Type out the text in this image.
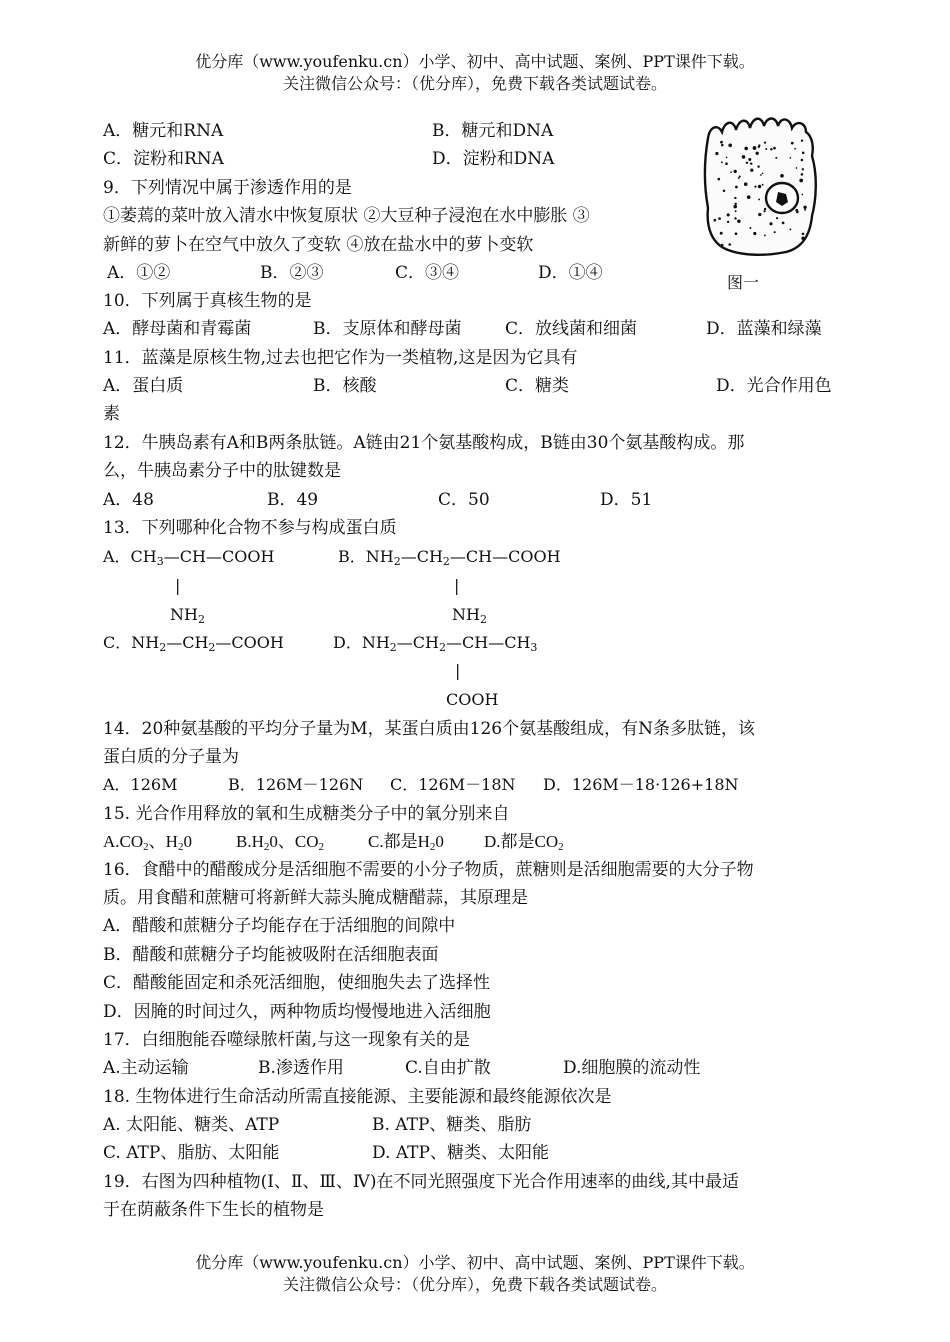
优分库（www.youfenku.cn）小学、初中、高中试题、案例、PPT课件下载。
关注微信公众号：（优分库），免费下载各类试题试卷。
A．糖元和RNA	B．糖元和DNA
C．淀粉和RNA	D．淀粉和DNA
图一
9．下列情况中属于渗透作用的是
①萎蔫的菜叶放入清水中恢复原状 ②大豆种子浸泡在水中膨胀 ③
新鲜的萝卜在空气中放久了变软 ④放在盐水中的萝卜变软
A．①②	B．②③	C．③④	D．①④
10．下列属于真核生物的是
A．酵母菌和青霉菌	B．支原体和酵母菌	C．放线菌和细菌	D．蓝藻和绿藻
11．蓝藻是原核生物,过去也把它作为一类植物,这是因为它具有
A．蛋白质	B．核酸	C．糖类	D．光合作用色
素
12．牛胰岛素有A和B两条肽链。A链由21个氨基酸构成，B链由30个氨基酸构成。那
么，牛胰岛素分子中的肽键数是
A．48	B．49	C．50	D．51
13．下列哪种化合物不参与构成蛋白质
A．$CH_3—CH—COOH$	B．$NH_2—CH_2—CH—COOH$
|	|
$NH_2$	$NH_2$
C．$NH_2—CH_2—COOH$	D．$NH_2—CH_2—CH—CH_3$
|
COOH
14．20种氨基酸的平均分子量为M，某蛋白质由126个氨基酸组成，有N条多肽链，该
蛋白质的分子量为
A．126M	B．126M－126N C．126M－18N D．126M－18·126+18N
15. 光合作用释放的氧和生成糖类分子中的氧分别来自
$A.CO_2$、$H_20$	$B.H_20$、$CO_2$	C.都是$H_20$ D.都是$CO_2$
16．食醋中的醋酸成分是活细胞不需要的小分子物质，蔗糖则是活细胞需要的大分子物
质。用食醋和蔗糖可将新鲜大蒜头腌成糖醋蒜，其原理是
A．醋酸和蔗糖分子均能存在于活细胞的间隙中
B．醋酸和蔗糖分子均能被吸附在活细胞表面
C．醋酸能固定和杀死活细胞，使细胞失去了选择性
D．因腌的时间过久，两种物质均慢慢地进入活细胞
17．白细胞能吞噬绿脓杆菌,与这一现象有关的是
A.主动运输	B.渗透作用	C.自由扩散	D.细胞膜的流动性
18. 生物体进行生命活动所需直接能源、主要能源和最终能源依次是
A. 太阳能、糖类、ATP	B. ATP、糖类、脂肪
C. ATP、脂肪、太阳能	D. ATP、糖类、太阳能
19．右图为四种植物(Ⅰ、Ⅱ、Ⅲ、Ⅳ)在不同光照强度下光合作用速率的曲线,其中最适
于在荫蔽条件下生长的植物是
优分库（www.youfenku.cn）小学、初中、高中试题、案例、PPT课件下载。
关注微信公众号：（优分库），免费下载各类试题试卷。
